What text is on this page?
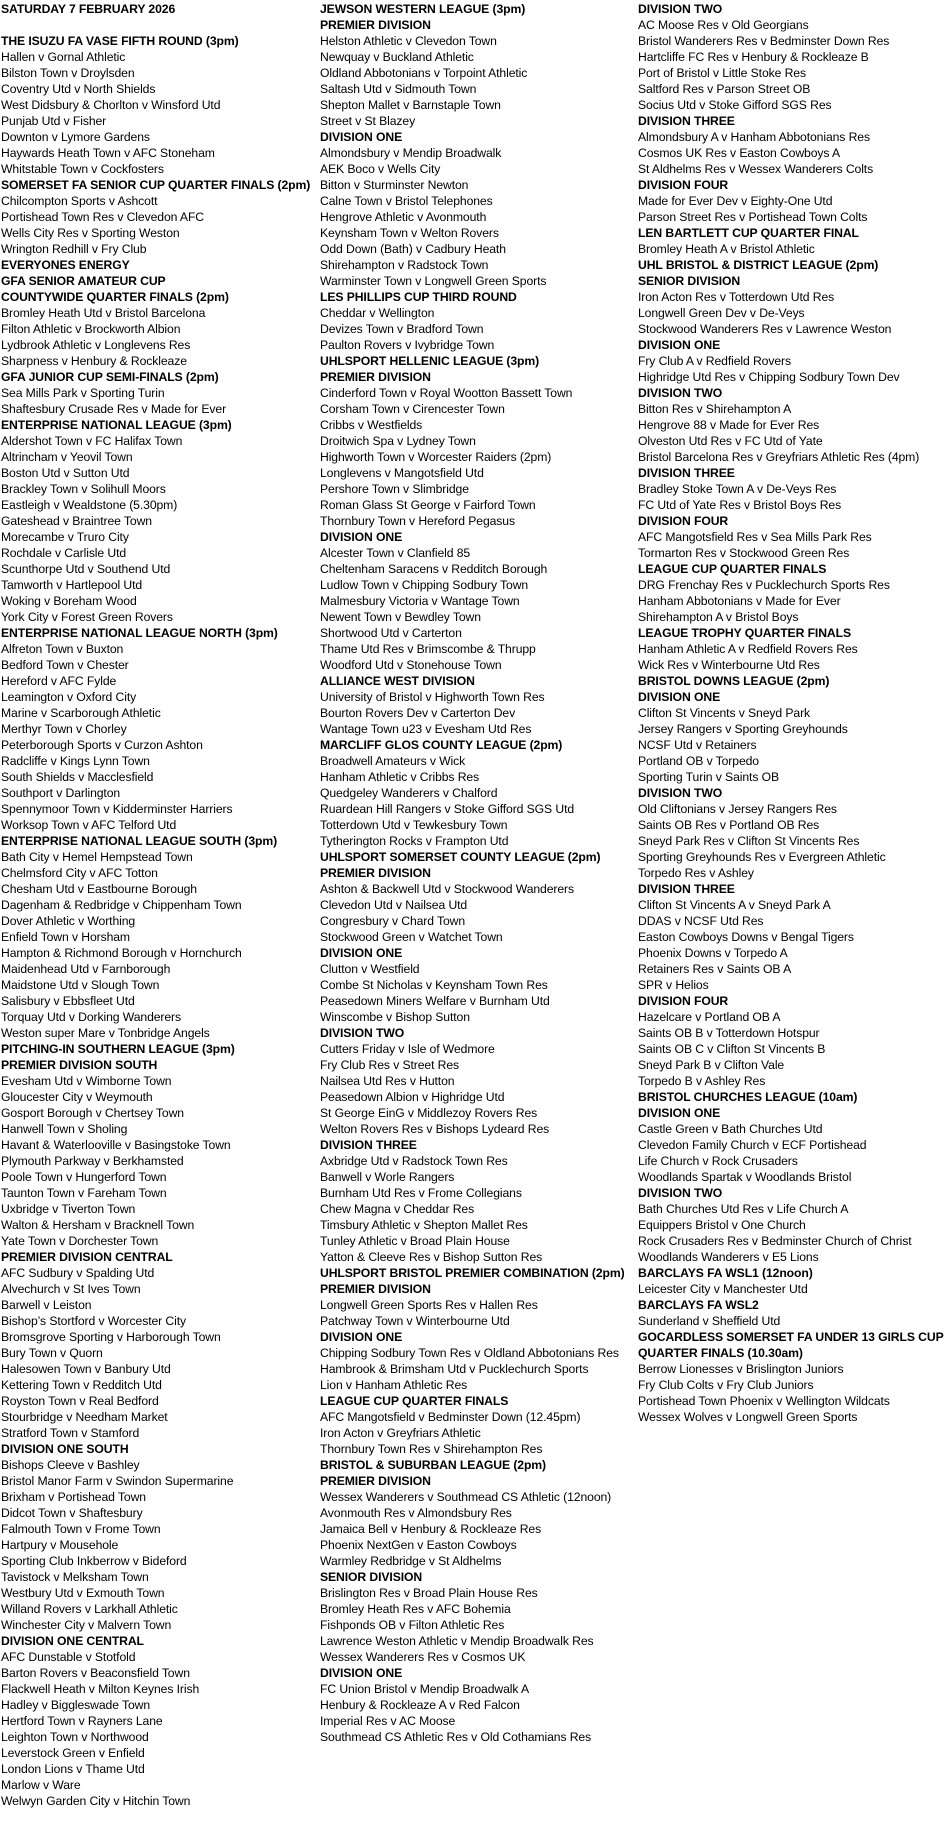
SATURDAY 7 FEBRUARY 2026
THE ISUZU FA VASE FIFTH ROUND (3pm)
Hallen v Gornal Athletic
Bilston Town v Droylsden
Coventry Utd v North Shields
West Didsbury & Chorlton v Winsford Utd
Punjab Utd v Fisher
Downton v Lymore Gardens
Haywards Heath Town v AFC Stoneham
Whitstable Town v Cockfosters
SOMERSET FA SENIOR CUP QUARTER FINALS (2pm)
Chilcompton Sports v Ashcott
Portishead Town Res v Clevedon AFC
Wells City Res v Sporting Weston
Wrington Redhill v Fry Club
EVERYONES ENERGY
GFA SENIOR AMATEUR CUP
COUNTYWIDE QUARTER FINALS (2pm)
Bromley Heath Utd v Bristol Barcelona
Filton Athletic v Brockworth Albion
Lydbrook Athletic v Longlevens Res
Sharpness v Henbury & Rockleaze
GFA JUNIOR CUP SEMI-FINALS (2pm)
Sea Mills Park v Sporting Turin
Shaftesbury Crusade Res v Made for Ever
ENTERPRISE NATIONAL LEAGUE (3pm)
Aldershot Town v FC Halifax Town
Altrincham v Yeovil Town
Boston Utd v Sutton Utd
Brackley Town v Solihull Moors
Eastleigh v Wealdstone (5.30pm)
Gateshead v Braintree Town
Morecambe v Truro City
Rochdale v Carlisle Utd
Scunthorpe Utd v Southend Utd
Tamworth v Hartlepool Utd
Woking v Boreham Wood
York City v Forest Green Rovers
ENTERPRISE NATIONAL LEAGUE NORTH (3pm)
Alfreton Town v Buxton
Bedford Town v Chester
Hereford v AFC Fylde
Leamington v Oxford City
Marine v Scarborough Athletic
Merthyr Town v Chorley
Peterborough Sports v Curzon Ashton
Radcliffe v Kings Lynn Town
South Shields v Macclesfield
Southport v Darlington
Spennymoor Town v Kidderminster Harriers
Worksop Town v AFC Telford Utd
ENTERPRISE NATIONAL LEAGUE SOUTH (3pm)
Bath City v Hemel Hempstead Town
Chelmsford City v AFC Totton
Chesham Utd v Eastbourne Borough
Dagenham & Redbridge v Chippenham Town
Dover Athletic v Worthing
Enfield Town v Horsham
Hampton & Richmond Borough v Hornchurch
Maidenhead Utd v Farnborough
Maidstone Utd v Slough Town
Salisbury v Ebbsfleet Utd
Torquay Utd v Dorking Wanderers
Weston super Mare v Tonbridge Angels
PITCHING-IN SOUTHERN LEAGUE (3pm)
PREMIER DIVISION SOUTH
Evesham Utd v Wimborne Town
Gloucester City v Weymouth
Gosport Borough v Chertsey Town
Hanwell Town v Sholing
Havant & Waterlooville v Basingstoke Town
Plymouth Parkway v Berkhamsted
Poole Town v Hungerford Town
Taunton Town v Fareham Town
Uxbridge v Tiverton Town
Walton & Hersham v Bracknell Town
Yate Town v Dorchester Town
PREMIER DIVISION CENTRAL
AFC Sudbury v Spalding Utd
Alvechurch v St Ives Town
Barwell v Leiston
Bishop’s Stortford v Worcester City
Bromsgrove Sporting v Harborough Town
Bury Town v Quorn
Halesowen Town v Banbury Utd
Kettering Town v Redditch Utd
Royston Town v Real Bedford
Stourbridge v Needham Market
Stratford Town v Stamford
DIVISION ONE SOUTH
Bishops Cleeve v Bashley
Bristol Manor Farm v Swindon Supermarine
Brixham v Portishead Town
Didcot Town v Shaftesbury
Falmouth Town v Frome Town
Hartpury v Mousehole
Sporting Club Inkberrow v Bideford
Tavistock v Melksham Town
Westbury Utd v Exmouth Town
Willand Rovers v Larkhall Athletic
Winchester City v Malvern Town
DIVISION ONE CENTRAL
AFC Dunstable v Stotfold
Barton Rovers v Beaconsfield Town
Flackwell Heath v Milton Keynes Irish
Hadley v Biggleswade Town
Hertford Town v Rayners Lane
Leighton Town v Northwood
Leverstock Green v Enfield
London Lions v Thame Utd
Marlow v Ware
Welwyn Garden City v Hitchin Town
JEWSON WESTERN LEAGUE (3pm)
PREMIER DIVISION
Helston Athletic v Clevedon Town
Newquay v Buckland Athletic
Oldland Abbotonians v Torpoint Athletic
Saltash Utd v Sidmouth Town
Shepton Mallet v Barnstaple Town
Street v St Blazey
DIVISION ONE
Almondsbury v Mendip Broadwalk
AEK Boco v Wells City
Bitton v Sturminster Newton
Calne Town v Bristol Telephones
Hengrove Athletic v Avonmouth
Keynsham Town v Welton Rovers
Odd Down (Bath) v Cadbury Heath
Shirehampton v Radstock Town
Warminster Town v Longwell Green Sports
LES PHILLIPS CUP THIRD ROUND
Cheddar v Wellington
Devizes Town v Bradford Town
Paulton Rovers v Ivybridge Town
UHLSPORT HELLENIC LEAGUE (3pm)
PREMIER DIVISION
Cinderford Town v Royal Wootton Bassett Town
Corsham Town v Cirencester Town
Cribbs v Westfields
Droitwich Spa v Lydney Town
Highworth Town v Worcester Raiders (2pm)
Longlevens v Mangotsfield Utd
Pershore Town v Slimbridge
Roman Glass St George v Fairford Town
Thornbury Town v Hereford Pegasus
DIVISION ONE
Alcester Town v Clanfield 85
Cheltenham Saracens v Redditch Borough
Ludlow Town v Chipping Sodbury Town
Malmesbury Victoria v Wantage Town
Newent Town v Bewdley Town
Shortwood Utd v Carterton
Thame Utd Res v Brimscombe & Thrupp
Woodford Utd v Stonehouse Town
ALLIANCE WEST DIVISION
University of Bristol v Highworth Town Res
Bourton Rovers Dev v Carterton Dev
Wantage Town u23 v Evesham Utd Res
MARCLIFF GLOS COUNTY LEAGUE (2pm)
Broadwell Amateurs v Wick
Hanham Athletic v Cribbs Res
Quedgeley Wanderers v Chalford
Ruardean Hill Rangers v Stoke Gifford SGS Utd
Totterdown Utd v Tewkesbury Town
Tytherington Rocks v Frampton Utd
UHLSPORT SOMERSET COUNTY LEAGUE (2pm)
PREMIER DIVISION
Ashton & Backwell Utd v Stockwood Wanderers
Clevedon Utd v Nailsea Utd
Congresbury v Chard Town
Stockwood Green v Watchet Town
DIVISION ONE
Clutton v Westfield
Combe St Nicholas v Keynsham Town Res
Peasedown Miners Welfare v Burnham Utd
Winscombe v Bishop Sutton
DIVISION TWO
Cutters Friday v Isle of Wedmore
Fry Club Res v Street Res
Nailsea Utd Res v Hutton
Peasedown Albion v Highridge Utd
St George EinG v Middlezoy Rovers Res
Welton Rovers Res v Bishops Lydeard Res
DIVISION THREE
Axbridge Utd v Radstock Town Res
Banwell v Worle Rangers
Burnham Utd Res v Frome Collegians
Chew Magna v Cheddar Res
Timsbury Athletic v Shepton Mallet Res
Tunley Athletic v Broad Plain House
Yatton & Cleeve Res v Bishop Sutton Res
UHLSPORT BRISTOL PREMIER COMBINATION (2pm)
PREMIER DIVISION
Longwell Green Sports Res v Hallen Res
Patchway Town v Winterbourne Utd
DIVISION ONE
Chipping Sodbury Town Res v Oldland Abbotonians Res
Hambrook & Brimsham Utd v Pucklechurch Sports
Lion v Hanham Athletic Res
LEAGUE CUP QUARTER FINALS
AFC Mangotsfield v Bedminster Down (12.45pm)
Iron Acton v Greyfriars Athletic
Thornbury Town Res v Shirehampton Res
BRISTOL & SUBURBAN LEAGUE (2pm)
PREMIER DIVISION
Wessex Wanderers v Southmead CS Athletic (12noon)
Avonmouth Res v Almondsbury Res
Jamaica Bell v Henbury & Rockleaze Res
Phoenix NextGen v Easton Cowboys
Warmley Redbridge v St Aldhelms
SENIOR DIVISION
Brislington Res v Broad Plain House Res
Bromley Heath Res v AFC Bohemia
Fishponds OB v Filton Athletic Res
Lawrence Weston Athletic v Mendip Broadwalk Res
Wessex Wanderers Res v Cosmos UK
DIVISION ONE
FC Union Bristol v Mendip Broadwalk A
Henbury & Rockleaze A v Red Falcon
Imperial Res v AC Moose
Southmead CS Athletic Res v Old Cothamians Res
DIVISION TWO
AC Moose Res v Old Georgians
Bristol Wanderers Res v Bedminster Down Res
Hartcliffe FC Res v Henbury & Rockleaze B
Port of Bristol v Little Stoke Res
Saltford Res v Parson Street OB
Socius Utd v Stoke Gifford SGS Res
DIVISION THREE
Almondsbury A v Hanham Abbotonians Res
Cosmos UK Res v Easton Cowboys A
St Aldhelms Res v Wessex Wanderers Colts
DIVISION FOUR
Made for Ever Dev v Eighty-One Utd
Parson Street Res v Portishead Town Colts
LEN BARTLETT CUP QUARTER FINAL
Bromley Heath A v Bristol Athletic
UHL BRISTOL & DISTRICT LEAGUE (2pm)
SENIOR DIVISION
Iron Acton Res v Totterdown Utd Res
Longwell Green Dev v De-Veys
Stockwood Wanderers Res v Lawrence Weston
DIVISION ONE
Fry Club A v Redfield Rovers
Highridge Utd Res v Chipping Sodbury Town Dev
DIVISION TWO
Bitton Res v Shirehampton A
Hengrove 88 v Made for Ever Res
Olveston Utd Res v FC Utd of Yate
Bristol Barcelona Res v Greyfriars Athletic Res (4pm)
DIVISION THREE
Bradley Stoke Town A v De-Veys Res
FC Utd of Yate Res v Bristol Boys Res
DIVISION FOUR
AFC Mangotsfield Res v Sea Mills Park Res
Tormarton Res v Stockwood Green Res
LEAGUE CUP QUARTER FINALS
DRG Frenchay Res v Pucklechurch Sports Res
Hanham Abbotonians v Made for Ever
Shirehampton A v Bristol Boys
LEAGUE TROPHY QUARTER FINALS
Hanham Athletic A v Redfield Rovers Res
Wick Res v Winterbourne Utd Res
BRISTOL DOWNS LEAGUE (2pm)
DIVISION ONE
Clifton St Vincents v Sneyd Park
Jersey Rangers v Sporting Greyhounds
NCSF Utd v Retainers
Portland OB v Torpedo
Sporting Turin v Saints OB
DIVISION TWO
Old Cliftonians v Jersey Rangers Res
Saints OB Res v Portland OB Res
Sneyd Park Res v Clifton St Vincents Res
Sporting Greyhounds Res v Evergreen Athletic
Torpedo Res v Ashley
DIVISION THREE
Clifton St Vincents A v Sneyd Park A
DDAS v NCSF Utd Res
Easton Cowboys Downs v Bengal Tigers
Phoenix Downs v Torpedo A
Retainers Res v Saints OB A
SPR v Helios
DIVISION FOUR
Hazelcare v Portland OB A
Saints OB B v Totterdown Hotspur
Saints OB C v Clifton St Vincents B
Sneyd Park B v Clifton Vale
Torpedo B v Ashley Res
BRISTOL CHURCHES LEAGUE (10am)
DIVISION ONE
Castle Green v Bath Churches Utd
Clevedon Family Church v ECF Portishead
Life Church v Rock Crusaders
Woodlands Spartak v Woodlands Bristol
DIVISION TWO
Bath Churches Utd Res v Life Church A
Equippers Bristol v One Church
Rock Crusaders Res v Bedminster Church of Christ
Woodlands Wanderers v E5 Lions
BARCLAYS FA WSL1 (12noon)
Leicester City v Manchester Utd
BARCLAYS FA WSL2
Sunderland v Sheffield Utd
GOCARDLESS SOMERSET FA UNDER 13 GIRLS CUP QUARTER FINALS (10.30am)
Berrow Lionesses v Brislington Juniors
Fry Club Colts v Fry Club Juniors
Portishead Town Phoenix v Wellington Wildcats
Wessex Wolves v Longwell Green Sports
